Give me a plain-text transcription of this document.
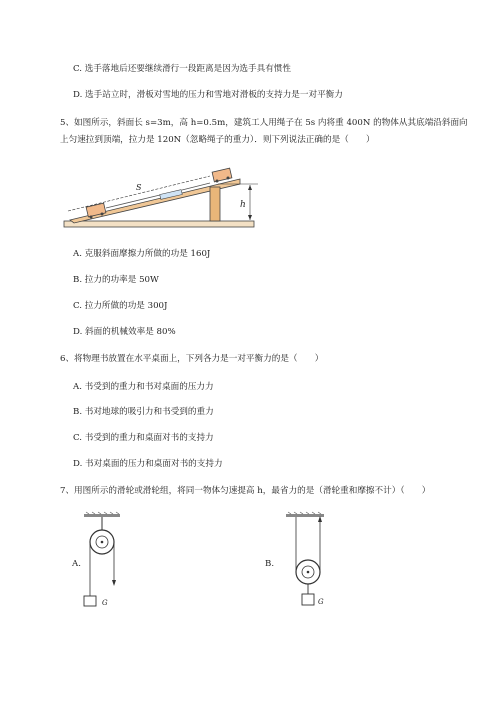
C. 选手落地后还要继续滑行一段距离是因为选手具有惯性
D. 选手站立时，滑板对雪地的压力和雪地对滑板的支持力是一对平衡力
5、如图所示，斜面长 s=3m，高 h=0.5m，建筑工人用绳子在 5s 内将重 400N 的物体从其底端沿斜面向
上匀速拉到顶端，拉力是 120N（忽略绳子的重力）．则下列说法正确的是（　　）
S
h
A. 克服斜面摩擦力所做的功是 160J
B. 拉力的功率是 50W
C. 拉力所做的功是 300J
D. 斜面的机械效率是 80%
6、将物理书放置在水平桌面上，下列各力是一对平衡力的是（　　）
A. 书受到的重力和书对桌面的压力力
B. 书对地球的吸引力和书受到的重力
C. 书受到的重力和桌面对书的支持力
D. 书对桌面的压力和桌面对书的支持力
7、用图所示的滑轮或滑轮组，将同一物体匀速提高 h，最省力的是（滑轮重和摩擦不计）（　　）
A.
G
B.
G
